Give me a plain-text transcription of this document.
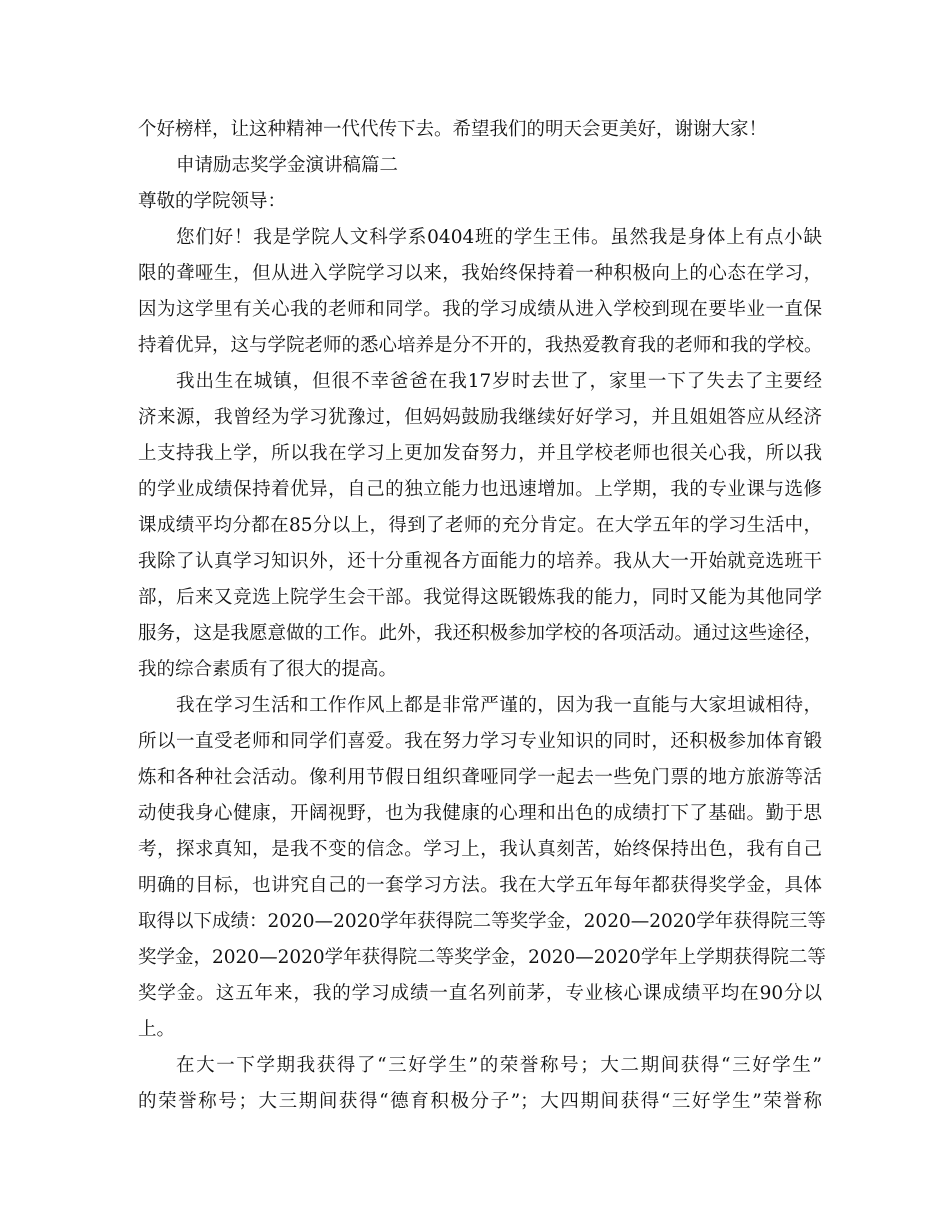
个好榜样，让这种精神一代代传下去。希望我们的明天会更美好，谢谢大家！
申请励志奖学金演讲稿篇二
尊敬的学院领导：
您们好！我是学院人文科学系0404班的学生王伟。虽然我是身体上有点小缺
限的聋哑生，但从进入学院学习以来，我始终保持着一种积极向上的心态在学习，
因为这学里有关心我的老师和同学。我的学习成绩从进入学校到现在要毕业一直保
持着优异，这与学院老师的悉心培养是分不开的，我热爱教育我的老师和我的学校。
我出生在城镇，但很不幸爸爸在我17岁时去世了，家里一下了失去了主要经
济来源，我曾经为学习犹豫过，但妈妈鼓励我继续好好学习，并且姐姐答应从经济
上支持我上学，所以我在学习上更加发奋努力，并且学校老师也很关心我，所以我
的学业成绩保持着优异，自己的独立能力也迅速增加。上学期，我的专业课与选修
课成绩平均分都在85分以上，得到了老师的充分肯定。在大学五年的学习生活中，
我除了认真学习知识外，还十分重视各方面能力的培养。我从大一开始就竞选班干
部，后来又竞选上院学生会干部。我觉得这既锻炼我的能力，同时又能为其他同学
服务，这是我愿意做的工作。此外，我还积极参加学校的各项活动。通过这些途径，
我的综合素质有了很大的提高。
我在学习生活和工作作风上都是非常严谨的，因为我一直能与大家坦诚相待，
所以一直受老师和同学们喜爱。我在努力学习专业知识的同时，还积极参加体育锻
炼和各种社会活动。像利用节假日组织聋哑同学一起去一些免门票的地方旅游等活
动使我身心健康，开阔视野，也为我健康的心理和出色的成绩打下了基础。勤于思
考，探求真知，是我不变的信念。学习上，我认真刻苦，始终保持出色，我有自己
明确的目标，也讲究自己的一套学习方法。我在大学五年每年都获得奖学金，具体
取得以下成绩：2020—2020学年获得院二等奖学金，2020—2020学年获得院三等
奖学金，2020—2020学年获得院二等奖学金，2020—2020学年上学期获得院二等
奖学金。这五年来，我的学习成绩一直名列前茅，专业核心课成绩平均在90分以
上。
在大一下学期我获得了“三好学生”的荣誉称号；大二期间获得“三好学生”
的荣誉称号；大三期间获得“德育积极分子”；大四期间获得“三好学生”荣誉称
